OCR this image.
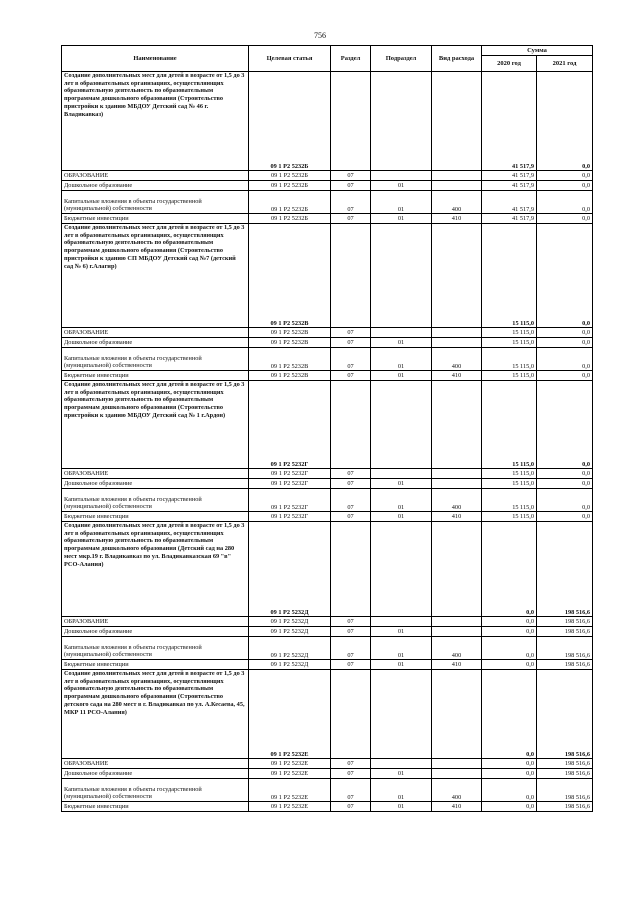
756
Наименование	Целевая статья	Раздел	Подраздел	Вид расхода	Сумма	
					2020 год	2021 год
Создание дополнительных мест для детей в возрасте от 1,5 до 3 лет в образовательных организациях, осуществляющих образовательную деятельность по образовательным программам дошкольного образования (Строительство пристройки к зданию МБДОУ Детский сад № 46 г. Владикавказ)	09 1 P2 5232Б				41 517,9	0,0
ОБРАЗОВАНИЕ	09 1 P2 5232Б	07			41 517,9	0,0
Дошкольное образование	09 1 P2 5232Б	07	01		41 517,9	0,0
Капитальные вложения в объекты государственной (муниципальной) собственности	09 1 P2 5232Б	07	01	400	41 517,9	0,0
Бюджетные инвестиции	09 1 P2 5232Б	07	01	410	41 517,9	0,0
Создание дополнительных мест для детей в возрасте от 1,5 до 3 лет в образовательных организациях, осуществляющих образовательную деятельность по образовательным программам дошкольного образования (Строительство пристройки к зданию СП МБДОУ Детский сад №7 (детский сад № 6) г.Алагир)	09 1 P2 5232В				15 115,0	0,0
ОБРАЗОВАНИЕ	09 1 P2 5232В	07			15 115,0	0,0
Дошкольное образование	09 1 P2 5232В	07	01		15 115,0	0,0
Капитальные вложения в объекты государственной (муниципальной) собственности	09 1 P2 5232В	07	01	400	15 115,0	0,0
Бюджетные инвестиции	09 1 P2 5232В	07	01	410	15 115,0	0,0
Создание дополнительных мест для детей в возрасте от 1,5 до 3 лет в образовательных организациях, осуществляющих образовательную деятельность по образовательным программам дошкольного образования (Строительство пристройки к зданию МБДОУ Детский сад № 1 г.Ардон)	09 1 P2 5232Г				15 115,0	0,0
ОБРАЗОВАНИЕ	09 1 P2 5232Г	07			15 115,0	0,0
Дошкольное образование	09 1 P2 5232Г	07	01		15 115,0	0,0
Капитальные вложения в объекты государственной (муниципальной) собственности	09 1 P2 5232Г	07	01	400	15 115,0	0,0
Бюджетные инвестиции	09 1 P2 5232Г	07	01	410	15 115,0	0,0
Создание дополнительных мест для детей в возрасте от 1,5 до 3 лет в образовательных организациях, осуществляющих образовательную деятельность по образовательным программам дошкольного образования (Детский сад на 280 мест мкр.19 г. Владикавказ по ул. Владикавказская 69 "в" РСО-Алания)	09 1 P2 5232Д				0,0	198 516,6
ОБРАЗОВАНИЕ	09 1 P2 5232Д	07			0,0	198 516,6
Дошкольное образование	09 1 P2 5232Д	07	01		0,0	198 516,6
Капитальные вложения в объекты государственной (муниципальной) собственности	09 1 P2 5232Д	07	01	400	0,0	198 516,6
Бюджетные инвестиции	09 1 P2 5232Д	07	01	410	0,0	198 516,6
Создание дополнительных мест для детей в возрасте от 1,5 до 3 лет в образовательных организациях, осуществляющих образовательную деятельность по образовательным программам дошкольного образования (Строительство детского сада на 280 мест в г. Владикавказ по ул. А.Кесаева, 45, МКР 11 РСО-Алания)	09 1 P2 5232Е				0,0	198 516,6
ОБРАЗОВАНИЕ	09 1 P2 5232Е	07			0,0	198 516,6
Дошкольное образование	09 1 P2 5232Е	07	01		0,0	198 516,6
Капитальные вложения в объекты государственной (муниципальной) собственности	09 1 P2 5232Е	07	01	400	0,0	198 516,6
Бюджетные инвестиции	09 1 P2 5232Е	07	01	410	0,0	198 516,6
